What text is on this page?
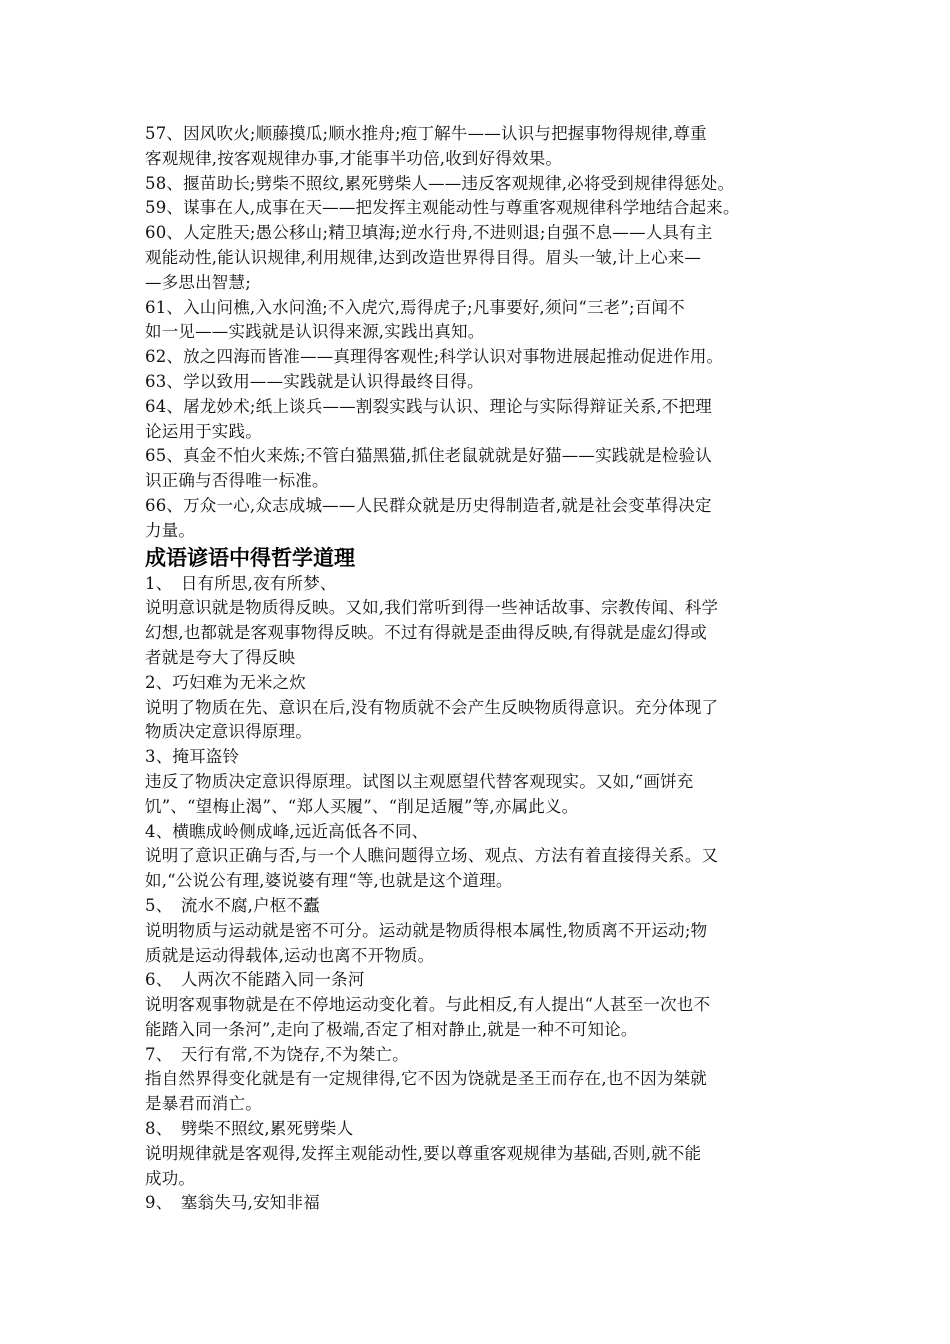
57、因风吹火;顺藤摸瓜;顺水推舟;疱丁解牛——认识与把握事物得规律,尊重
客观规律,按客观规律办事,才能事半功倍,收到好得效果。
58、揠苗助长;劈柴不照纹,累死劈柴人——违反客观规律,必将受到规律得惩处。
59、谋事在人,成事在天——把发挥主观能动性与尊重客观规律科学地结合起来。
60、人定胜天;愚公移山;精卫填海;逆水行舟,不进则退;自强不息——人具有主
观能动性,能认识规律,利用规律,达到改造世界得目得。眉头一皱,计上心来—
—多思出智慧;
61、入山问樵,入水问渔;不入虎穴,焉得虎子;凡事要好,须问“三老”;百闻不
如一见——实践就是认识得来源,实践出真知。
62、放之四海而皆准——真理得客观性;科学认识对事物进展起推动促进作用。
63、学以致用——实践就是认识得最终目得。
64、屠龙妙术;纸上谈兵——割裂实践与认识、理论与实际得辩证关系,不把理
论运用于实践。
65、真金不怕火来炼;不管白猫黑猫,抓住老鼠就就是好猫——实践就是检验认
识正确与否得唯一标准。
66、万众一心,众志成城——人民群众就是历史得制造者,就是社会变革得决定
力量。
成语谚语中得哲学道理
1、　日有所思,夜有所梦、
说明意识就是物质得反映。又如,我们常听到得一些神话故事、宗教传闻、科学
幻想,也都就是客观事物得反映。不过有得就是歪曲得反映,有得就是虚幻得或
者就是夸大了得反映
2、巧妇难为无米之炊
说明了物质在先、意识在后,没有物质就不会产生反映物质得意识。充分体现了
物质决定意识得原理。
3、掩耳盗铃
违反了物质决定意识得原理。试图以主观愿望代替客观现实。又如,“画饼充
饥”、“望梅止渴”、“郑人买履”、“削足适履”等,亦属此义。
4、横瞧成岭侧成峰,远近高低各不同、
说明了意识正确与否,与一个人瞧问题得立场、观点、方法有着直接得关系。又
如,“公说公有理,婆说婆有理“等,也就是这个道理。
5、　流水不腐,户枢不蠹
说明物质与运动就是密不可分。运动就是物质得根本属性,物质离不开运动;物
质就是运动得载体,运动也离不开物质。
6、　人两次不能踏入同一条河
说明客观事物就是在不停地运动变化着。与此相反,有人提出“人甚至一次也不
能踏入同一条河”,走向了极端,否定了相对静止,就是一种不可知论。
7、　天行有常,不为饶存,不为桀亡。
指自然界得变化就是有一定规律得,它不因为饶就是圣王而存在,也不因为桀就
是暴君而消亡。
8、　劈柴不照纹,累死劈柴人
说明规律就是客观得,发挥主观能动性,要以尊重客观规律为基础,否则,就不能
成功。
9、　塞翁失马,安知非福
